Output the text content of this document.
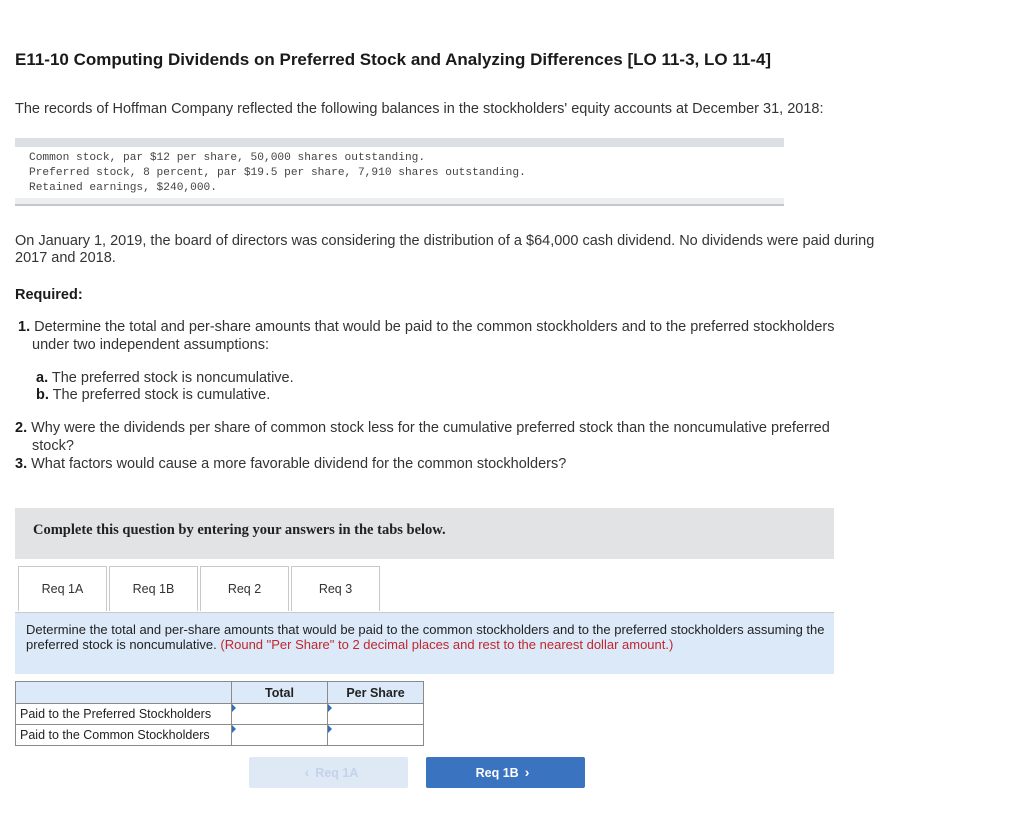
E11-10 Computing Dividends on Preferred Stock and Analyzing Differences [LO 11-3, LO 11-4]
The records of Hoffman Company reflected the following balances in the stockholders' equity accounts at December 31, 2018:
Common stock, par $12 per share, 50,000 shares outstanding.
Preferred stock, 8 percent, par $19.5 per share, 7,910 shares outstanding.
Retained earnings, $240,000.
On January 1, 2019, the board of directors was considering the distribution of a $64,000 cash dividend. No dividends were paid during
2017 and 2018.
Required:
1. Determine the total and per-share amounts that would be paid to the common stockholders and to the preferred stockholders
under two independent assumptions:
a. The preferred stock is noncumulative.
b. The preferred stock is cumulative.
2. Why were the dividends per share of common stock less for the cumulative preferred stock than the noncumulative preferred
stock?
3. What factors would cause a more favorable dividend for the common stockholders?
Complete this question by entering your answers in the tabs below.
Req 1A	Req 1B	Req 2	Req 3
Determine the total and per-share amounts that would be paid to the common stockholders and to the preferred stockholders assuming the preferred stock is noncumulative. (Round "Per Share" to 2 decimal places and rest to the nearest dollar amount.)
	Total	Per Share
Paid to the Preferred Stockholders	

Paid to the Common Stockholders	

‹ Req 1A	Req 1B ›
